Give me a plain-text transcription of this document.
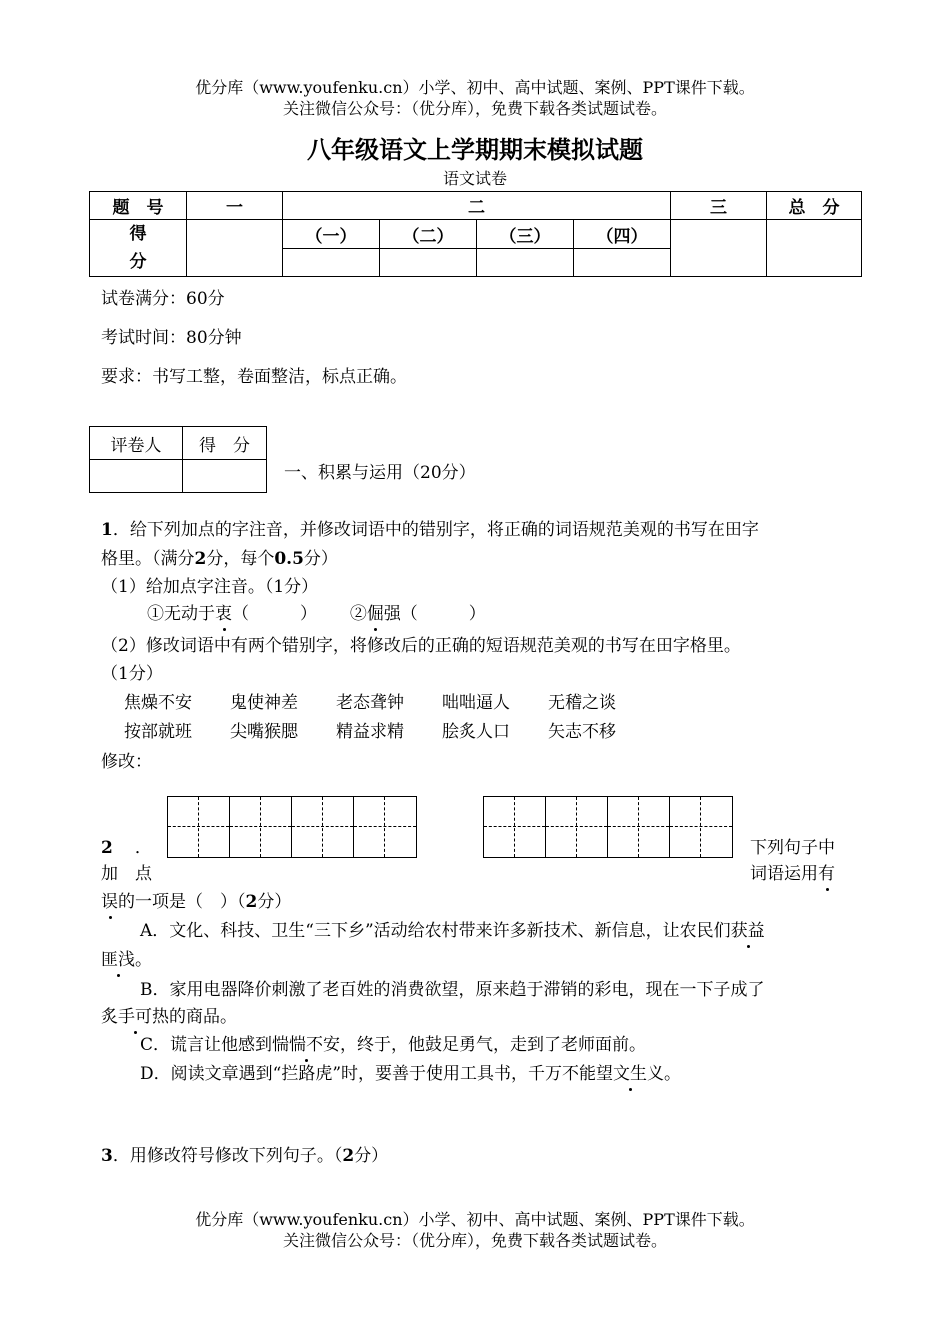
优分库（www.youfenku.cn）小学、初中、高中试题、案例、PPT课件下载。
关注微信公众号：（优分库），免费下载各类试题试卷。
八年级语文上学期期末模拟试题
语文试卷
题　号	一	二				三	总　分
得分		（一）	（二）	（三）	（四）		

试卷满分：60分
考试时间：80分钟
要求：书写工整，卷面整洁，标点正确。
评卷人	得　分

一、积累与运用（20分）
1．给下列加点的字注音，并修改词语中的错别字，将正确的词语规范美观的书写在田字
格里。（满分2分，每个0.5分）
（1）给加点字注音。（1分）
①无动于衷（　　　） ②倔强（　　　）
（2）修改词语中有两个错别字，将修改后的正确的短语规范美观的书写在田字格里。
（1分）
焦燥不安 鬼使神差 老态聋钟 咄咄逼人 无稽之谈
按部就班 尖嘴猴腮 精益求精 脍炙人口 矢志不移
修改：
2 ．
加　点
下列句子中
词语运用有
误的一项是（　）（2分）
A．文化、科技、卫生“三下乡”活动给农村带来许多新技术、新信息，让农民们获益
匪浅。
B．家用电器降价刺激了老百姓的消费欲望，原来趋于滞销的彩电，现在一下子成了
炙手可热的商品。
C．谎言让他感到惴惴不安，终于，他鼓足勇气，走到了老师面前。
D．阅读文章遇到“拦路虎”时，要善于使用工具书，千万不能望文生义。
3．用修改符号修改下列句子。（2分）
优分库（www.youfenku.cn）小学、初中、高中试题、案例、PPT课件下载。
关注微信公众号：（优分库），免费下载各类试题试卷。
